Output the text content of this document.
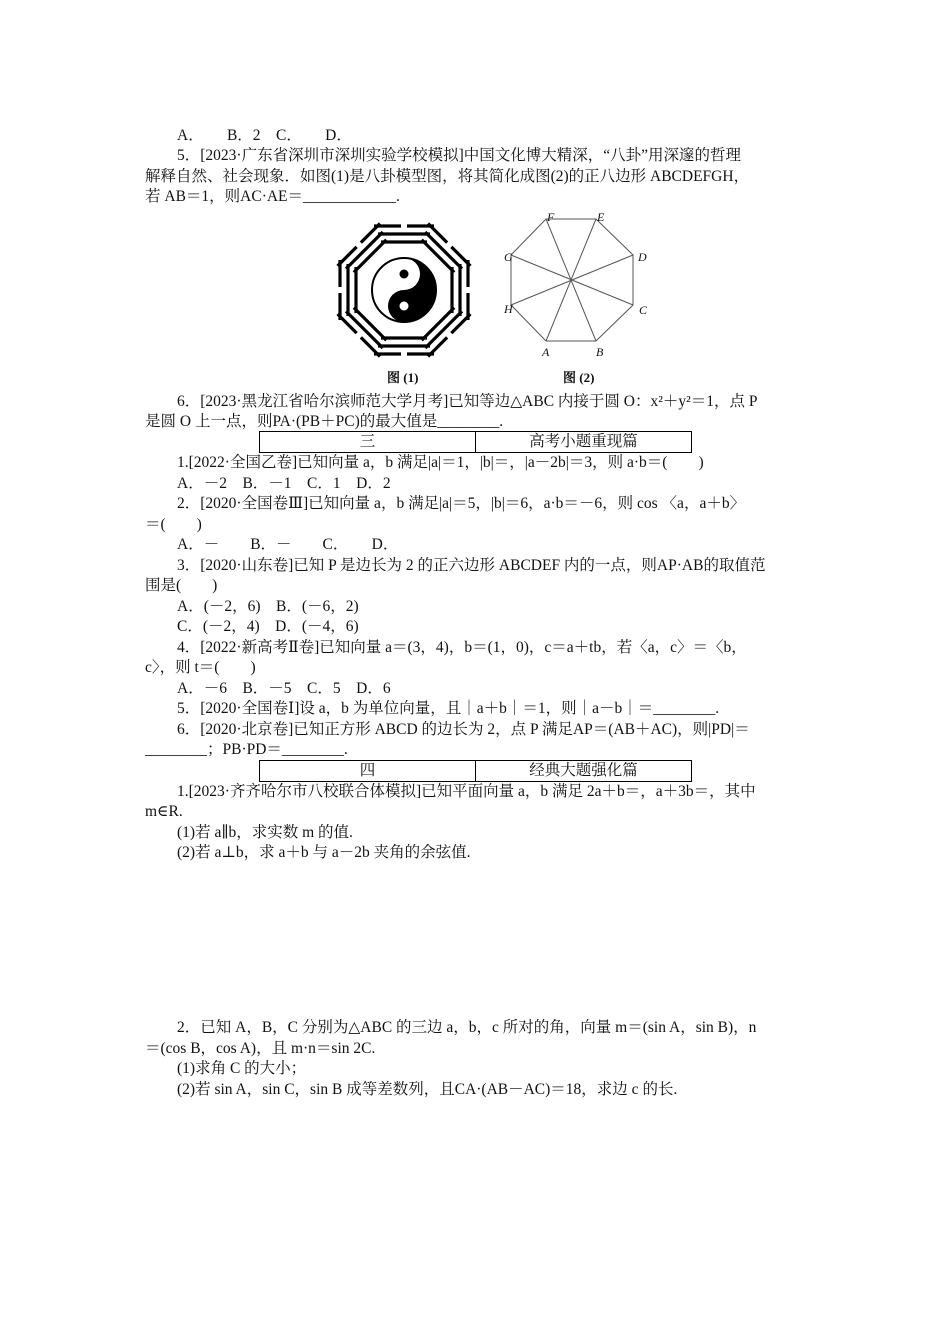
A．　　B．2　C．　　D．
5．[2023·广东省深圳市深圳实验学校模拟]中国文化博大精深，“八卦”用深邃的哲理
解释自然、社会现象．如图(1)是八卦模型图，将其简化成图(2)的正八边形 ABCDEFGH，
若 AB＝1，则AC·AE＝____________.
图 (1)
A	B
C
D
E
F
G
H
图 (2)
6．[2023·黑龙江省哈尔滨师范大学月考]已知等边△ABC 内接于圆 O：x²＋y²＝1，点 P
是圆 O 上一点，则PA·(PB＋PC)的最大值是________.
三	高考小题重现篇
1.[2022·全国乙卷]已知向量 a，b 满足|a|＝1，|b|＝，|a－2b|＝3，则 a·b＝(　　)
A．－2　B．－1　C．1　D．2
2．[2020·全国卷Ⅲ]已知向量 a，b 满足|a|＝5，|b|＝6，a·b＝－6，则 cos 〈a，a＋b〉
＝(　　)
A．－　　B．－　　C．　　D．
3．[2020·山东卷]已知 P 是边长为 2 的正六边形 ABCDEF 内的一点，则AP·AB的取值范
围是(　　)
A．(－2，6)　B．(－6，2)
C．(－2，4)　D．(－4，6)
4．[2022·新高考Ⅱ卷]已知向量 a＝(3，4)，b＝(1，0)，c＝a＋tb，若〈a，c〉＝〈b，
c〉，则 t＝(　　)
A．－6　B．－5　C．5　D．6
5．[2020·全国卷Ⅰ]设 a，b 为单位向量，且｜a＋b｜＝1，则｜a－b｜＝________.
6．[2020·北京卷]已知正方形 ABCD 的边长为 2，点 P 满足AP＝(AB＋AC)，则|PD|＝
________；PB·PD＝________.
四	经典大题强化篇
1.[2023·齐齐哈尔市八校联合体模拟]已知平面向量 a，b 满足 2a＋b＝，a＋3b＝，其中
m∈R.
(1)若 a∥b，求实数 m 的值.
(2)若 a⊥b，求 a＋b 与 a－2b 夹角的余弦值.
2．已知 A，B，C 分别为△ABC 的三边 a，b，c 所对的角，向量 m＝(sin A，sin B)，n
＝(cos B，cos A)，且 m·n＝sin 2C.
(1)求角 C 的大小；
(2)若 sin A，sin C，sin B 成等差数列，且CA·(AB－AC)＝18，求边 c 的长.
